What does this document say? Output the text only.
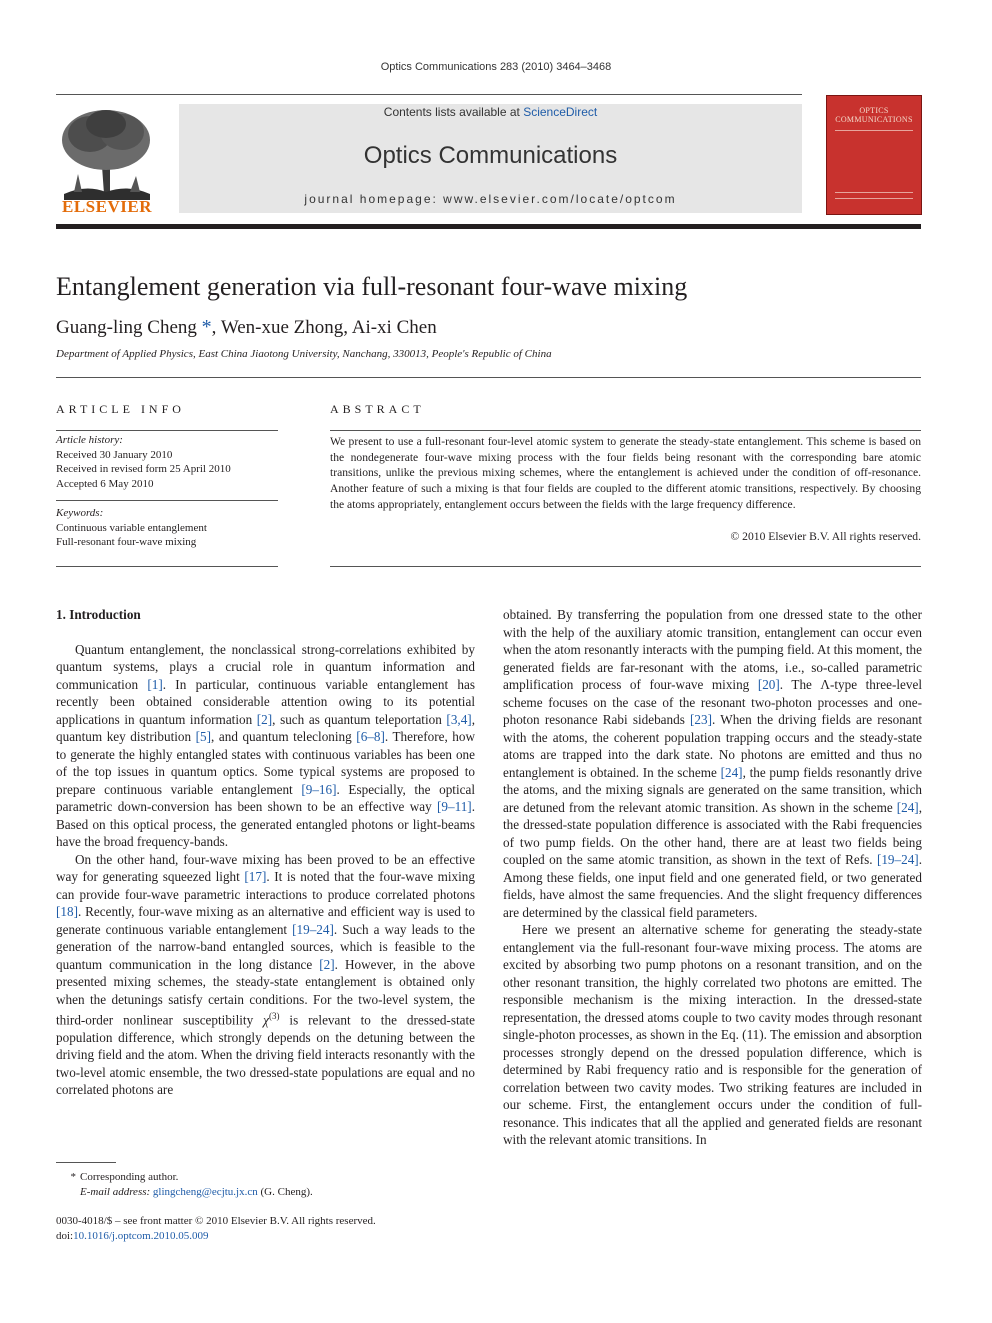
Optics Communications 283 (2010) 3464–3468
ELSEVIER
Contents lists available at ScienceDirect
Optics Communications
journal homepage: www.elsevier.com/locate/optcom
OPTICS
COMMUNICATIONS
Entanglement generation via full-resonant four-wave mixing
Guang-ling Cheng *, Wen-xue Zhong, Ai-xi Chen
Department of Applied Physics, East China Jiaotong University, Nanchang, 330013, People's Republic of China
ARTICLE INFO	ABSTRACT
Article history:
Received 30 January 2010
Received in revised form 25 April 2010
Accepted 6 May 2010
Keywords:
Continuous variable entanglement
Full-resonant four-wave mixing
We present to use a full-resonant four-level atomic system to generate the steady-state entanglement. This scheme is based on the nondegenerate four-wave mixing process with the four fields being resonant with the corresponding bare atomic transitions, unlike the previous mixing schemes, where the entanglement is achieved under the condition of off-resonance. Another feature of such a mixing is that four fields are coupled to the different atomic transitions, respectively. By choosing the atoms appropriately, entanglement occurs between the fields with the large frequency difference.
© 2010 Elsevier B.V. All rights reserved.
1. Introduction

Quantum entanglement, the nonclassical strong-correlations exhibited by quantum systems, plays a crucial role in quantum information and communication [1]. In particular, continuous variable entanglement has recently been obtained considerable attention owing to its potential applications in quantum information [2], such as quantum teleportation [3,4], quantum key distribution [5], and quantum telecloning [6–8]. Therefore, how to generate the highly entangled states with continuous variables has been one of the top issues in quantum optics. Some typical systems are proposed to prepare continuous variable entanglement [9–16]. Especially, the optical parametric down-conversion has been shown to be an effective way [9–11]. Based on this optical process, the generated entangled photons or light-beams have the broad frequency-bands.

On the other hand, four-wave mixing has been proved to be an effective way for generating squeezed light [17]. It is noted that the four-wave mixing can provide four-wave parametric interactions to produce correlated photons [18]. Recently, four-wave mixing as an alternative and efficient way is used to generate continuous variable entanglement [19–24]. Such a way leads to the generation of the narrow-band entangled sources, which is feasible to the quantum communication in the long distance [2]. However, in the above presented mixing schemes, the steady-state entanglement is obtained only when the detunings satisfy certain conditions. For the two-level system, the third-order nonlinear susceptibility $\chi^{(3)}$ is relevant to the dressed-state population difference, which strongly depends on the detuning between the driving field and the atom. When the driving field interacts resonantly with the two-level atomic ensemble, the two dressed-state populations are equal and no correlated photons are

obtained. By transferring the population from one dressed state to the other with the help of the auxiliary atomic transition, entanglement can occur even when the atom resonantly interacts with the pumping field. At this moment, the generated fields are far-resonant with the atoms, i.e., so-called parametric amplification process of four-wave mixing [20]. The Λ-type three-level scheme focuses on the case of the resonant two-photon processes and one-photon resonance Rabi sidebands [23]. When the driving fields are resonant with the atoms, the coherent population trapping occurs and the steady-state atoms are trapped into the dark state. No photons are emitted and thus no entanglement is obtained. In the scheme [24], the pump fields resonantly drive the atoms, and the mixing signals are generated on the same transition, which are detuned from the relevant atomic transition. As shown in the scheme [24], the dressed-state population difference is associated with the Rabi frequencies of two pump fields. On the other hand, there are at least two fields being coupled on the same atomic transition, as shown in the text of Refs. [19–24]. Among these fields, one input field and one generated field, or two generated fields, have almost the same frequencies. And the slight frequency differences are determined by the classical field parameters.

Here we present an alternative scheme for generating the steady-state entanglement via the full-resonant four-wave mixing process. The atoms are excited by absorbing two pump photons on a resonant transition, and on the other resonant transition, the highly correlated two photons are emitted. The responsible mechanism is the mixing interaction. In the dressed-state representation, the dressed atoms couple to two cavity modes through resonant single-photon processes, as shown in the Eq. (11). The emission and absorption processes strongly depend on the dressed population difference, which is determined by Rabi frequency ratio and is responsible for the generation of correlation between two cavity modes. Two striking features are included in our scheme. First, the entanglement occurs under the condition of full-resonance. This indicates that all the applied and generated fields are resonant with the relevant atomic transitions. In

* Corresponding author.
E-mail address: glingcheng@ecjtu.jx.cn (G. Cheng).
0030-4018/$ – see front matter © 2010 Elsevier B.V. All rights reserved.
doi:10.1016/j.optcom.2010.05.009
